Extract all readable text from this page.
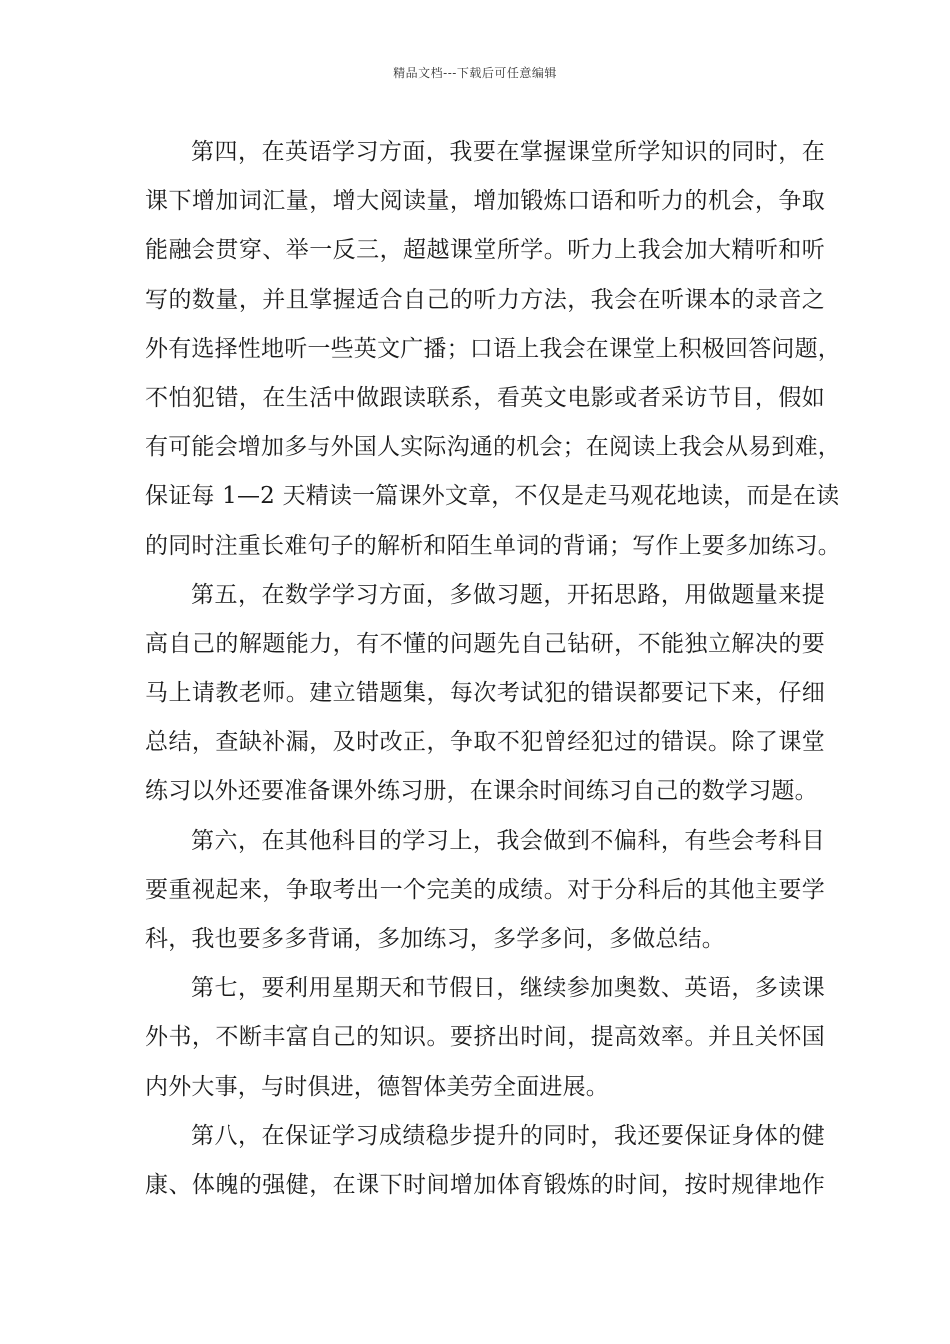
精品文档---下载后可任意编辑
第四，在英语学习方面，我要在掌握课堂所学知识的同时，在
课下增加词汇量，增大阅读量，增加锻炼口语和听力的机会，争取
能融会贯穿、举一反三，超越课堂所学。听力上我会加大精听和听
写的数量，并且掌握适合自己的听力方法，我会在听课本的录音之
外有选择性地听一些英文广播；口语上我会在课堂上积极回答问题，
不怕犯错，在生活中做跟读联系，看英文电影或者采访节目，假如
有可能会增加多与外国人实际沟通的机会；在阅读上我会从易到难，
保证每 1—2 天精读一篇课外文章，不仅是走马观花地读，而是在读
的同时注重长难句子的解析和陌生单词的背诵；写作上要多加练习。
第五，在数学学习方面，多做习题，开拓思路，用做题量来提
高自己的解题能力，有不懂的问题先自己钻研，不能独立解决的要
马上请教老师。建立错题集，每次考试犯的错误都要记下来，仔细
总结，查缺补漏，及时改正，争取不犯曾经犯过的错误。除了课堂
练习以外还要准备课外练习册，在课余时间练习自己的数学习题。
第六，在其他科目的学习上，我会做到不偏科，有些会考科目
要重视起来，争取考出一个完美的成绩。对于分科后的其他主要学
科，我也要多多背诵，多加练习，多学多问，多做总结。
第七，要利用星期天和节假日，继续参加奥数、英语，多读课
外书，不断丰富自己的知识。要挤出时间，提高效率。并且关怀国
内外大事，与时俱进，德智体美劳全面进展。
第八，在保证学习成绩稳步提升的同时，我还要保证身体的健
康、体魄的强健，在课下时间增加体育锻炼的时间，按时规律地作
